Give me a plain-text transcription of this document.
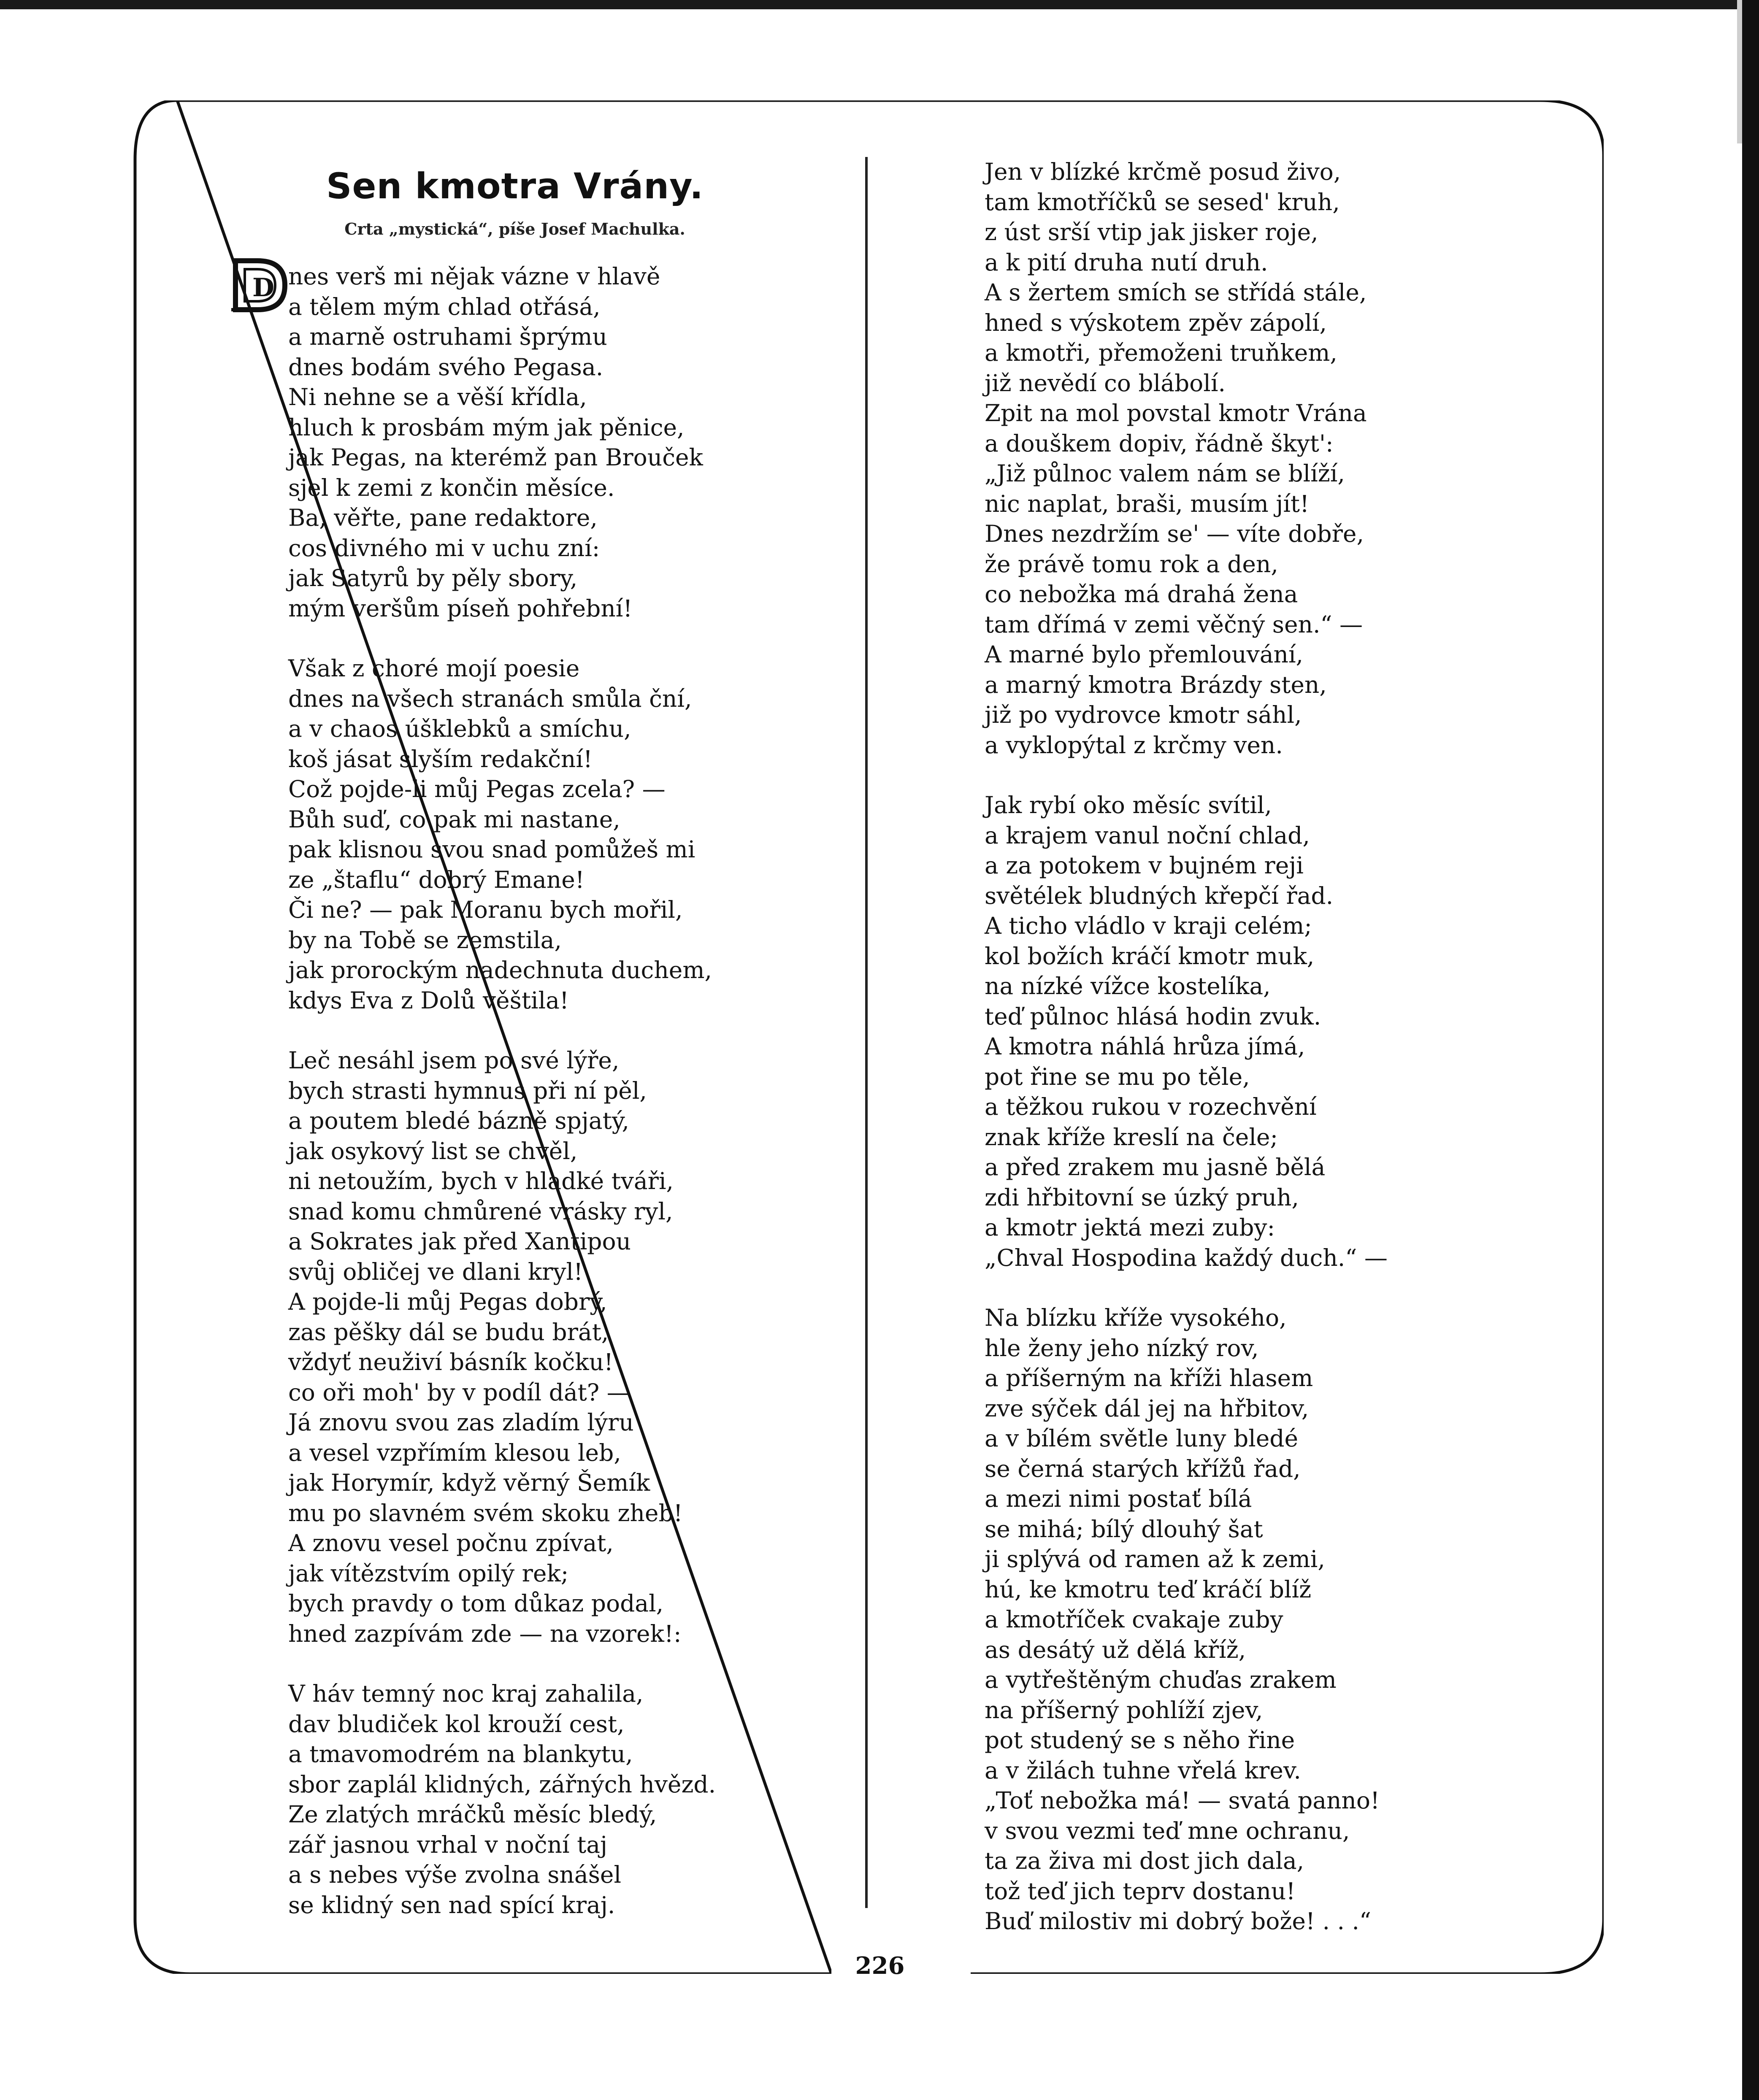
Sen kmotra Vrány.
Crta „mystická“, píše Josef Machulka.
D nes verš mi nějak vázne v hlavě
a tělem mým chlad otřásá,
a marně ostruhami šprýmu
dnes bodám svého Pegasa.
Ni nehne se a věší křídla,
hluch k prosbám mým jak pěnice,
jak Pegas, na kterémž pan Brouček
sjel k zemi z končin měsíce.
Ba, věřte, pane redaktore,
cos divného mi v uchu zní:
jak Satyrů by pěly sbory,
mým veršům píseň pohřební!
Však z choré mojí poesie
dnes na všech stranách smůla ční,
a v chaos úšklebků a smíchu,
koš jásat slyším redakční!
Což pojde-li můj Pegas zcela? —
Bůh suď, co pak mi nastane,
pak klisnou svou snad pomůžeš mi
ze „štaflu“ dobrý Emane!
Či ne? — pak Moranu bych mořil,
by na Tobě se zemstila,
jak prorockým nadechnuta duchem,
kdys Eva z Dolů věštila!
Leč nesáhl jsem po své lýře,
bych strasti hymnus při ní pěl,
a poutem bledé bázně spjatý,
jak osykový list se chvěl,
ni netoužím, bych v hladké tváři,
snad komu chmůrené vrásky ryl,
a Sokrates jak před Xantipou
svůj obličej ve dlani kryl!
A pojde-li můj Pegas dobrý,
zas pěšky dál se budu brát,
vždyť neuživí básník kočku!
co oři moh' by v podíl dát? —
Já znovu svou zas zladím lýru
a vesel vzpřímím klesou leb,
jak Horymír, když věrný Šemík
mu po slavném svém skoku zheb!
A znovu vesel počnu zpívat,
jak vítězstvím opilý rek;
bych pravdy o tom důkaz podal,
hned zazpívám zde — na vzorek!:
V háv temný noc kraj zahalila,
dav bludiček kol krouží cest,
a tmavomodrém na blankytu,
sbor zaplál klidných, zářných hvězd.
Ze zlatých mráčků měsíc bledý,
zář jasnou vrhal v noční taj
a s nebes výše zvolna snášel
se klidný sen nad spící kraj.
Jen v blízké krčmě posud živo,
tam kmotříčků se sesed' kruh,
z úst srší vtip jak jisker roje,
a k pití druha nutí druh.
A s žertem smích se střídá stále,
hned s výskotem zpěv zápolí,
a kmotři, přemoženi truňkem,
již nevědí co blábolí.
Zpit na mol povstal kmotr Vrána
a douškem dopiv, řádně škyt':
„Již půlnoc valem nám se blíží,
nic naplat, braši, musím jít!
Dnes nezdržím se' — víte dobře,
že právě tomu rok a den,
co nebožka má drahá žena
tam dřímá v zemi věčný sen.“ —
A marné bylo přemlouvání,
a marný kmotra Brázdy sten,
již po vydrovce kmotr sáhl,
a vyklopýtal z krčmy ven.
Jak rybí oko měsíc svítil,
a krajem vanul noční chlad,
a za potokem v bujném reji
světélek bludných křepčí řad.
A ticho vládlo v kraji celém;
kol božích kráčí kmotr muk,
na nízké vížce kostelíka,
teď půlnoc hlásá hodin zvuk.
A kmotra náhlá hrůza jímá,
pot řine se mu po těle,
a těžkou rukou v rozechvění
znak kříže kreslí na čele;
a před zrakem mu jasně bělá
zdi hřbitovní se úzký pruh,
a kmotr jektá mezi zuby:
„Chval Hospodina každý duch.“ —
Na blízku kříže vysokého,
hle ženy jeho nízký rov,
a příšerným na kříži hlasem
zve sýček dál jej na hřbitov,
a v bílém světle luny bledé
se černá starých křížů řad,
a mezi nimi postať bílá
se mihá; bílý dlouhý šat
ji splývá od ramen až k zemi,
hú, ke kmotru teď kráčí blíž
a kmotříček cvakaje zuby
as desátý už dělá kříž,
a vytřeštěným chuďas zrakem
na příšerný pohlíží zjev,
pot studený se s něho řine
a v žilách tuhne vřelá krev.
„Toť nebožka má! — svatá panno!
v svou vezmi teď mne ochranu,
ta za živa mi dost jich dala,
tož teď jich teprv dostanu!
Buď milostiv mi dobrý bože! . . .“
226
